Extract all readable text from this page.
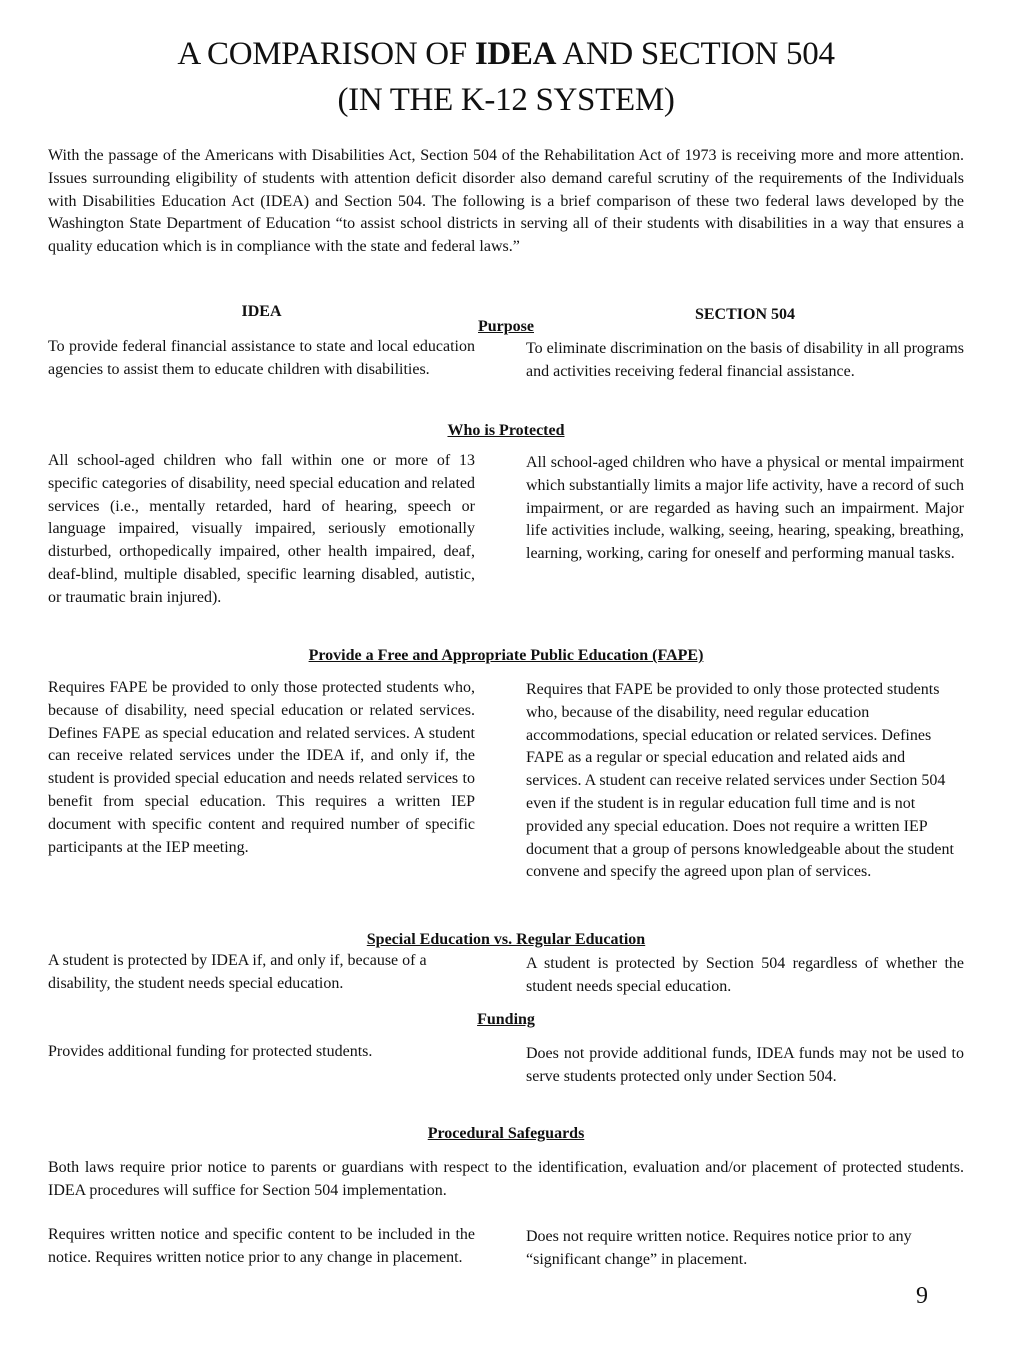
A COMPARISON OF IDEA AND SECTION 504
(IN THE K-12 SYSTEM)
With the passage of the Americans with Disabilities Act, Section 504 of the Rehabilitation Act of 1973 is receiving more and more attention. Issues surrounding eligibility of students with attention deficit disorder also demand careful scrutiny of the requirements of the Individuals with Disabilities Education Act (IDEA) and Section 504. The following is a brief comparison of these two federal laws developed by the Washington State Department of Education “to assist school districts in serving all of their students with disabilities in a way that ensures a quality education which is in compliance with the state and federal laws.”
IDEA	SECTION 504
Purpose
To provide federal financial assistance to state and local education agencies to assist them to educate children with disabilities.
To eliminate discrimination on the basis of disability in all programs and activities receiving federal financial assistance.
Who is Protected
All school-aged children who fall within one or more of 13 specific categories of disability, need special education and related services (i.e., mentally retarded, hard of hearing, speech or language impaired, visually impaired, seriously emotionally disturbed, orthopedically impaired, other health impaired, deaf, deaf-blind, multiple disabled, specific learning disabled, autistic, or traumatic brain injured).
All school-aged children who have a physical or mental impairment which substantially limits a major life activity, have a record of such impairment, or are regarded as having such an impairment. Major life activities include, walking, seeing, hearing, speaking, breathing, learning, working, caring for oneself and performing manual tasks.
Provide a Free and Appropriate Public Education (FAPE)
Requires FAPE be provided to only those protected students who, because of disability, need special education or related services. Defines FAPE as special education and related services. A student can receive related services under the IDEA if, and only if, the student is provided special education and needs related services to benefit from special education. This requires a written IEP document with specific content and required number of specific participants at the IEP meeting.
Requires that FAPE be provided to only those protected students who, because of the disability, need regular education accommodations, special education or related services. Defines FAPE as a regular or special education and related aids and services. A student can receive related services under Section 504 even if the student is in regular education full time and is not provided any special education. Does not require a written IEP document that a group of persons knowledgeable about the student convene and specify the agreed upon plan of services.
Special Education vs. Regular Education
A student is protected by IDEA if, and only if, because of a disability, the student needs special education.
A student is protected by Section 504 regardless of whether the student needs special education.
Funding
Provides additional funding for protected students.	Does not provide additional funds, IDEA funds may not be used to serve students protected only under Section 504.
Procedural Safeguards
Both laws require prior notice to parents or guardians with respect to the identification, evaluation and/or placement of protected students. IDEA procedures will suffice for Section 504 implementation.
Requires written notice and specific content to be included in the notice. Requires written notice prior to any change in placement.
Does not require written notice. Requires notice prior to any “significant change” in placement.
9
